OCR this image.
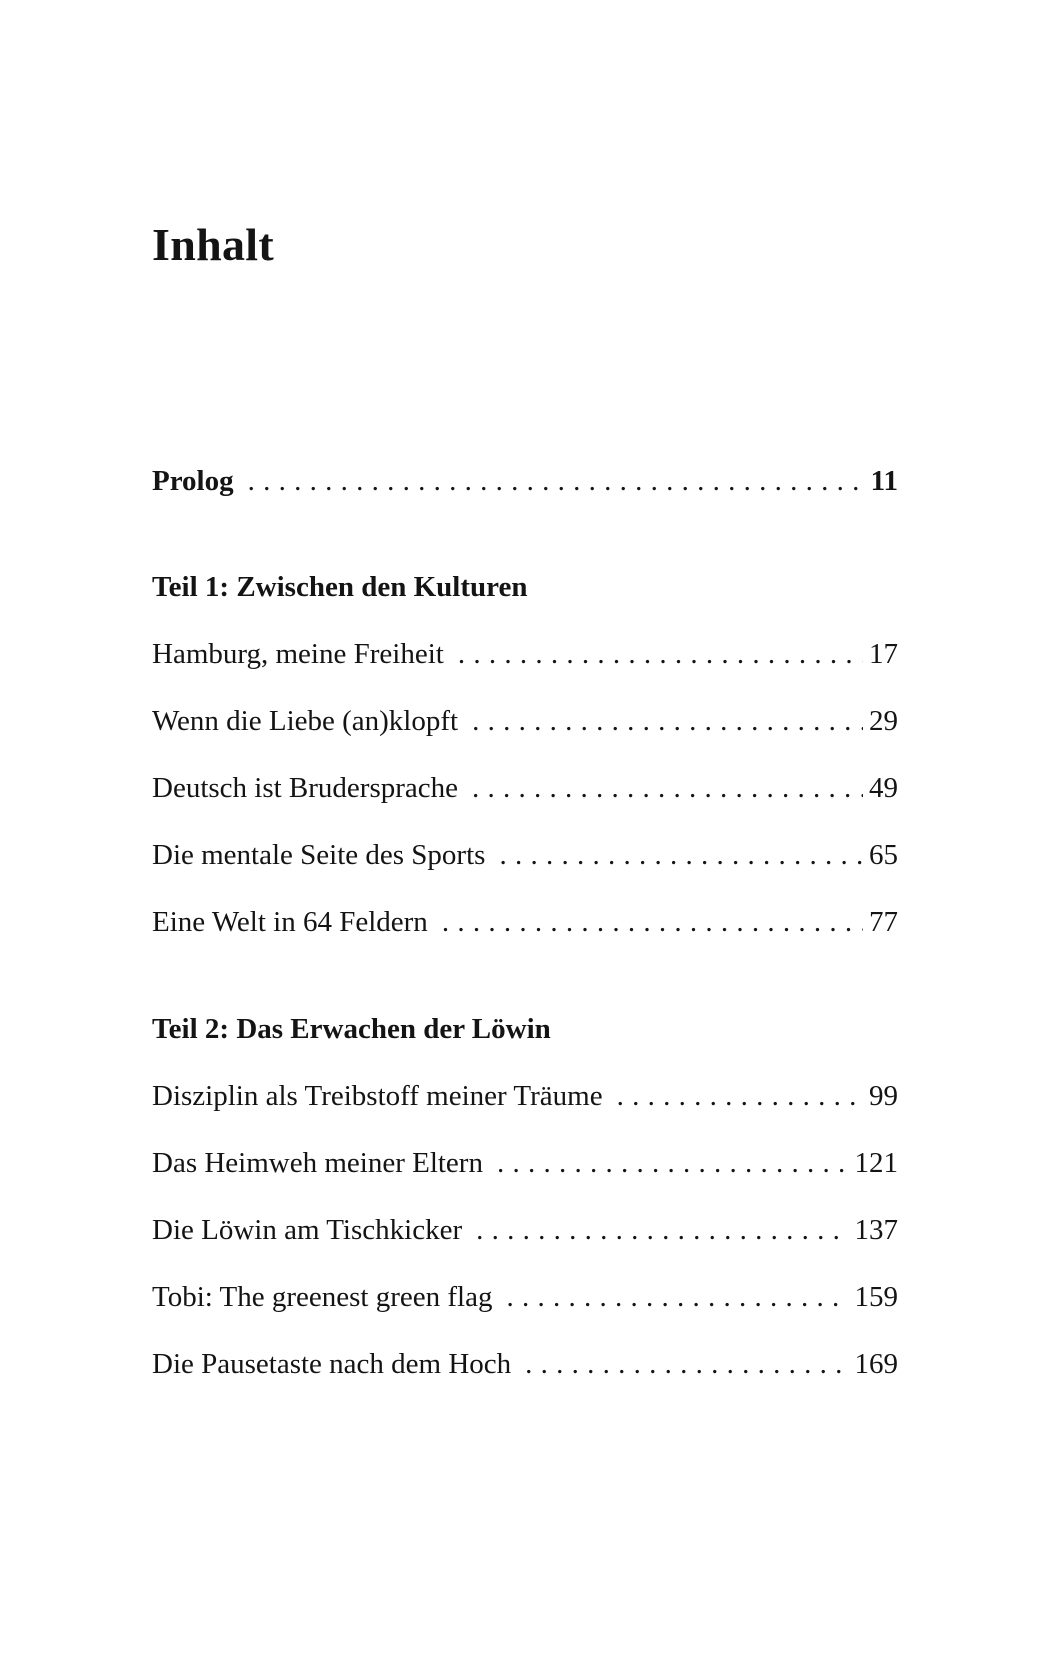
Inhalt
Prolog . . .	11
Teil 1: Zwischen den Kulturen
Hamburg, meine Freiheit . . .	17
Wenn die Liebe (an)klopft . . .	29
Deutsch ist Brudersprache . . .	49
Die mentale Seite des Sports . . .	65
Eine Welt in 64 Feldern . . .	77
Teil 2: Das Erwachen der Löwin
Disziplin als Treibstoff meiner Träume . . .	99
Das Heimweh meiner Eltern . . .	121
Die Löwin am Tischkicker . . .	137
Tobi: The greenest green flag . . .	159
Die Pausetaste nach dem Hoch . . .	169
